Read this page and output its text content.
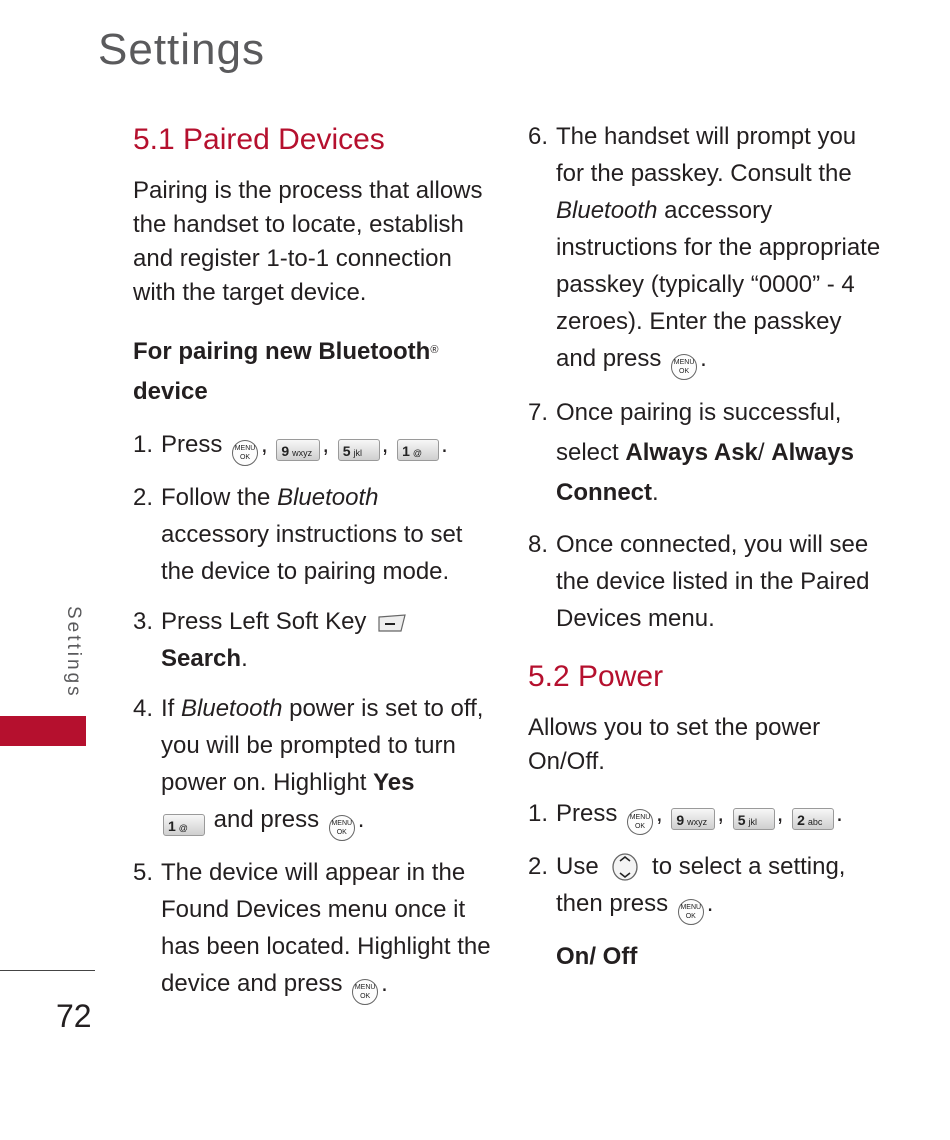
Settings
Settings
72
5.1 Paired Devices

Pairing is the process that allows the handset to locate, establish and register 1-to-1 connection with the target device.

For pairing new Bluetooth®
device

1. Press MENU
OK , 9 wxyz , 5 jkl , 1 @ .
2. Follow the Bluetooth accessory instructions to set the device to pairing mode.
3. Press Left Soft Key Search.
4. If Bluetooth power is set to off, you will be prompted to turn power on. Highlight Yes
1 @ and press MENU
OK .
5. The device will appear in the Found Devices menu once it has been located. Highlight the device and press MENU
OK .
6. The handset will prompt you for the passkey. Consult the Bluetooth accessory instructions for the appropriate passkey (typically “0000” - 4 zeroes). Enter the passkey and press MENU
OK .
7. Once pairing is successful, select Always Ask/ Always Connect.
8. Once connected, you will see the device listed in the Paired Devices menu.
5.2 Power

Allows you to set the power On/Off.

1. Press MENU
OK , 9 wxyz , 5 jkl , 2 abc .
2. Use to select a setting, then press MENU
OK .

On/ Off
